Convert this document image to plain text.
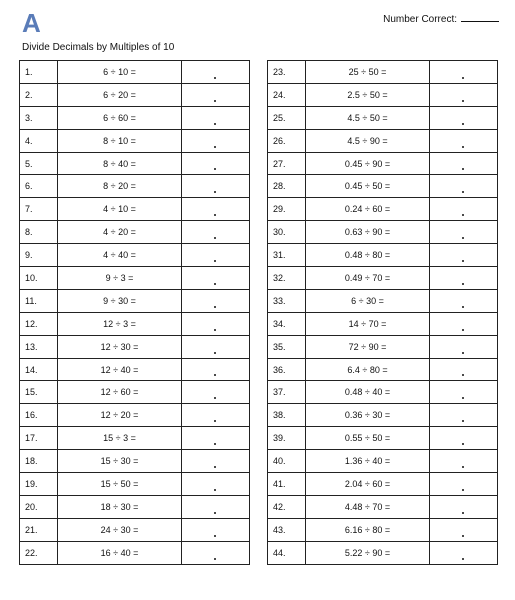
A	Number Correct:
Divide Decimals by Multiples of 10
1.	6 ÷ 10 =	

2.	6 ÷ 20 =	

3.	6 ÷ 60 =	

4.	8 ÷ 10 =	

5.	8 ÷ 40 =	

6.	8 ÷ 20 =	

7.	4 ÷ 10 =	

8.	4 ÷ 20 =	

9.	4 ÷ 40 =	

10.	9 ÷ 3 =	

11.	9 ÷ 30 =	

12.	12 ÷ 3 =	

13.	12 ÷ 30 =	

14.	12 ÷ 40 =	

15.	12 ÷ 60 =	

16.	12 ÷ 20 =	

17.	15 ÷ 3 =	

18.	15 ÷ 30 =	

19.	15 ÷ 50 =	

20.	18 ÷ 30 =	

21.	24 ÷ 30 =	

22.	16 ÷ 40 =	
23.	25 ÷ 50 =	

24.	2.5 ÷ 50 =	

25.	4.5 ÷ 50 =	

26.	4.5 ÷ 90 =	

27.	0.45 ÷ 90 =	

28.	0.45 ÷ 50 =	

29.	0.24 ÷ 60 =	

30.	0.63 ÷ 90 =	

31.	0.48 ÷ 80 =	

32.	0.49 ÷ 70 =	

33.	6 ÷ 30 =	

34.	14 ÷ 70 =	

35.	72 ÷ 90 =	

36.	6.4 ÷ 80 =	

37.	0.48 ÷ 40 =	

38.	0.36 ÷ 30 =	

39.	0.55 ÷ 50 =	

40.	1.36 ÷ 40 =	

41.	2.04 ÷ 60 =	

42.	4.48 ÷ 70 =	

43.	6.16 ÷ 80 =	

44.	5.22 ÷ 90 =	
